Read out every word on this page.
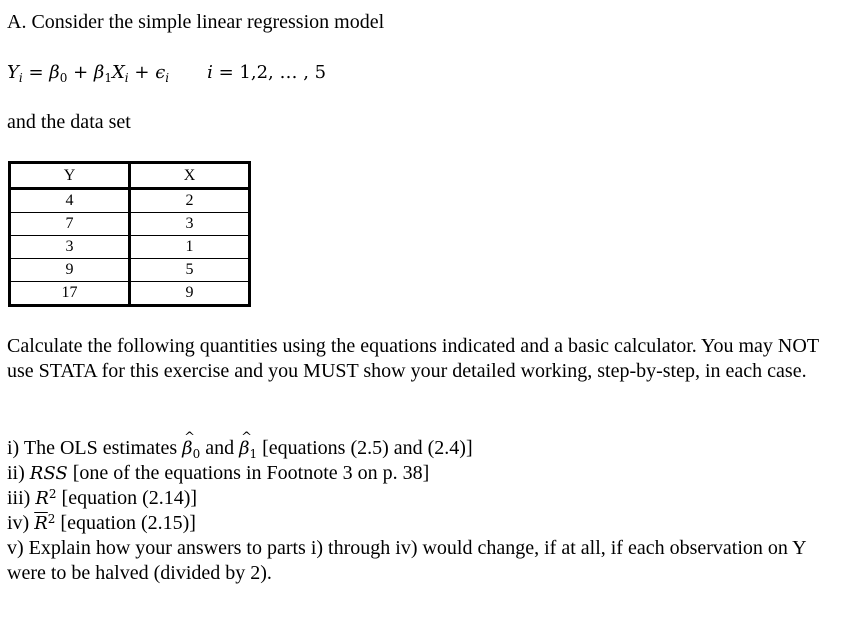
A. Consider the simple linear regression model
$Y_i = \beta_0 + \beta_1X_i + \epsilon_i$ i = 1,2, … , 5
and the data set
Y	X
4	2
7	3
3	1
9	5
17	9
Calculate the following quantities using the equations indicated and a basic calculator. You may NOT use STATA for this exercise and you MUST show your detailed working, step-by-step, in each case.
i) The OLS estimates ^ $\beta_0$ and ^ $\beta_1$ [equations (2.5) and (2.4)]
ii) RSS [one of the equations in Footnote 3 on p. 38]
iii) $R^2$ [equation (2.14)]
iv) $\overline{R}^2$ [equation (2.15)]
v) Explain how your answers to parts i) through iv) would change, if at all, if each observation on Y were to be halved (divided by 2).
